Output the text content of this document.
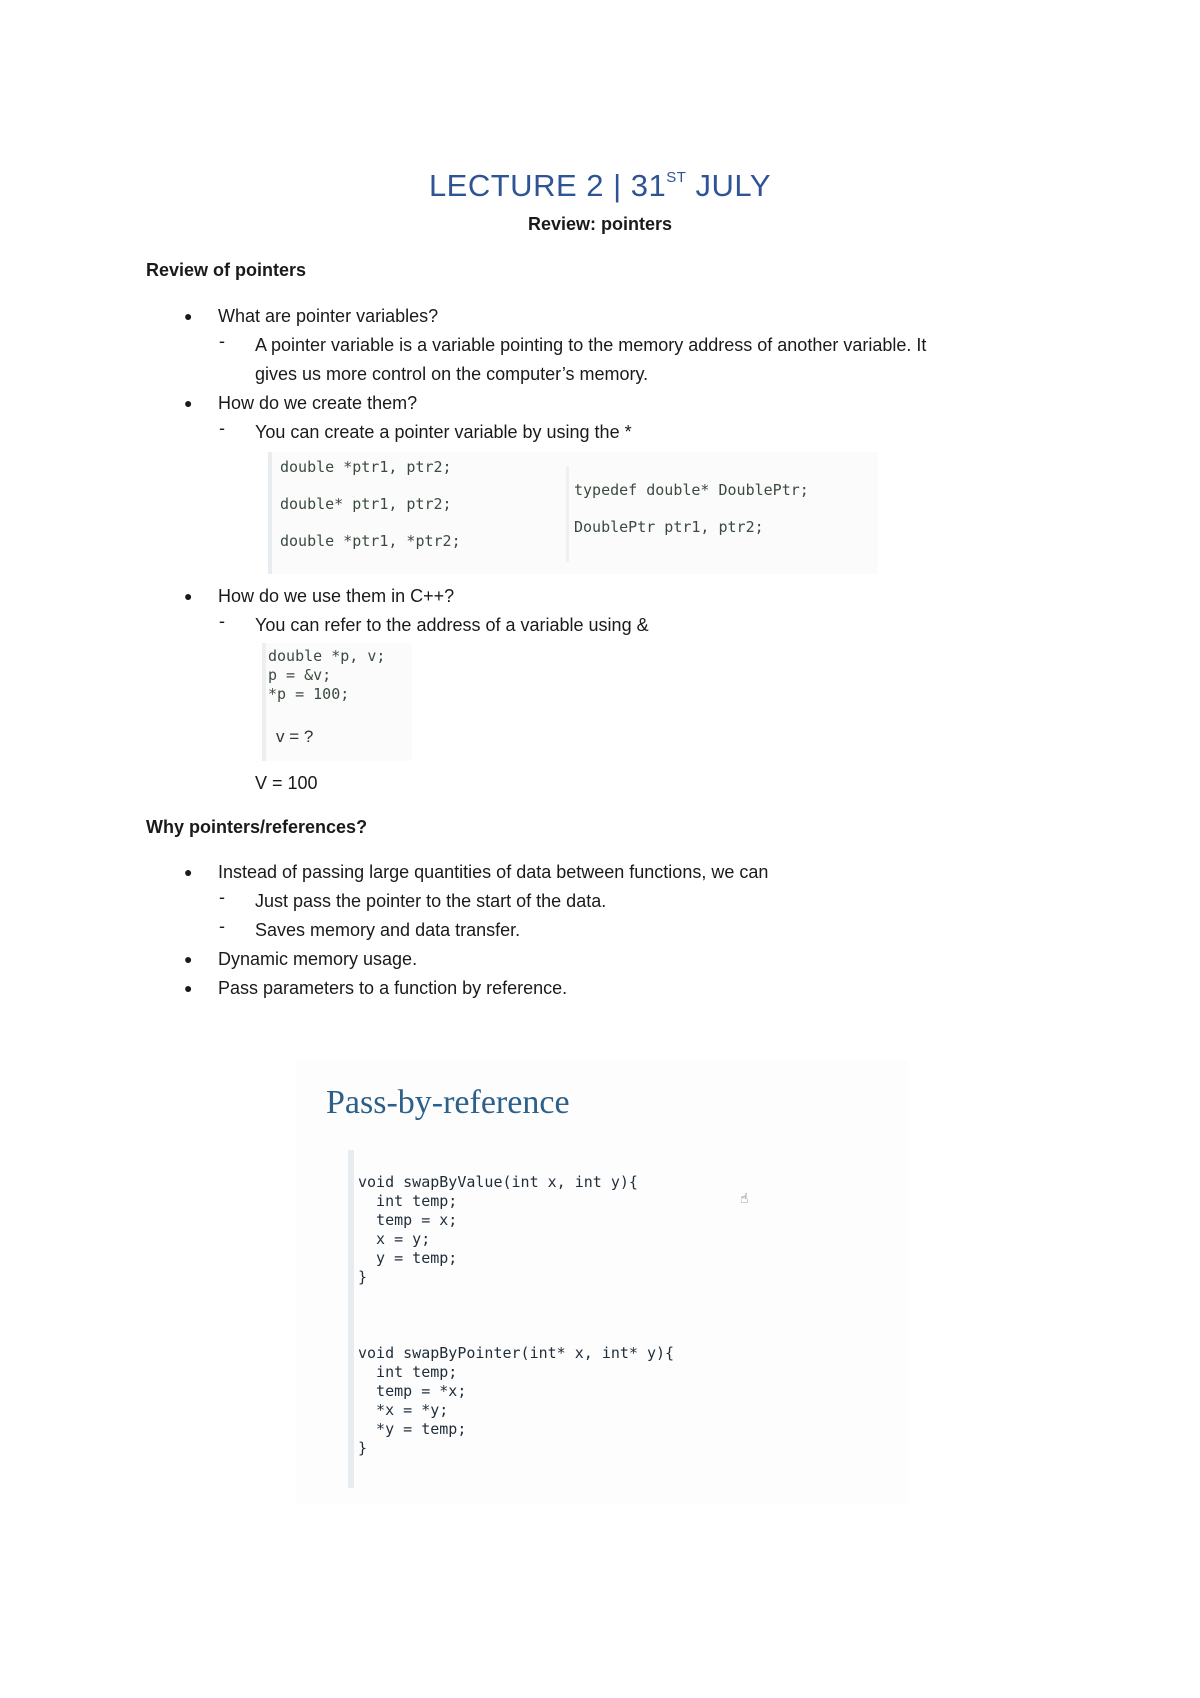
LECTURE 2 | 31ST JULY
Review: pointers
Review of pointers
● What are pointer variables?
- A pointer variable is a variable pointing to the memory address of another variable. It
gives us more control on the computer’s memory.
● How do we create them?
- You can create a pointer variable by using the *
double *ptr1, ptr2;
double* ptr1, ptr2;
double *ptr1, *ptr2;
typedef double* DoublePtr;
DoublePtr ptr1, ptr2;
● How do we use them in C++?
- You can refer to the address of a variable using &
double *p, v;
p = &v;
*p = 100;
v = ?
V = 100
Why pointers/references?
● Instead of passing large quantities of data between functions, we can
- Just pass the pointer to the start of the data.
- Saves memory and data transfer.
● Dynamic memory usage.
● Pass parameters to a function by reference.
Pass-by-reference
☝
void swapByValue(int x, int y){
int temp;
temp = x;
x = y;
y = temp;
}
void swapByPointer(int* x, int* y){
int temp;
temp = *x;
*x = *y;
*y = temp;
}
